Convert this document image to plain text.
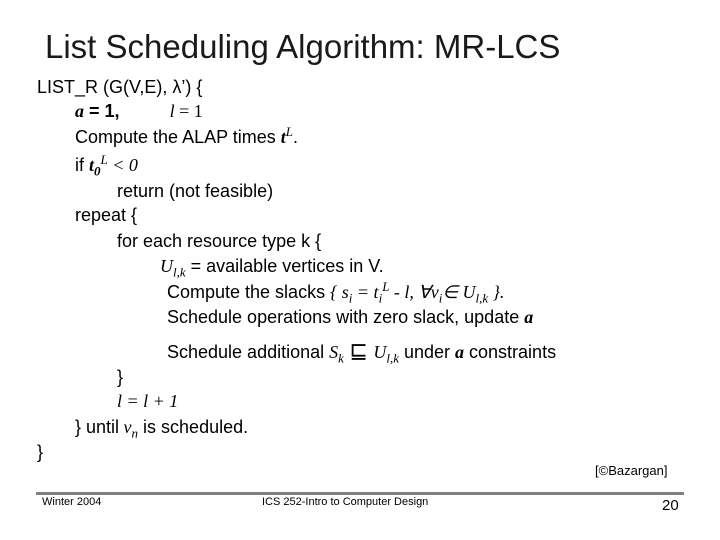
List Scheduling Algorithm: MR-LCS
LIST_R (G(V,E), λ’) {
a = 1,	l = 1
Compute the ALAP times $t^L$.
if $t_0^L < 0$
return (not feasible)
repeat {
for each resource type k {
$U_{l,k}$ = available vertices in V.
Compute the slacks { $s_i = t_i^L - l$, $\forall v_i\in$ $U_{l,k}$ }.
Schedule operations with zero slack, update a
Schedule additional $S_k$ ⊑ $U_{l,k}$ under a constraints
}
l = l + 1
} until $v_n$ is scheduled.
}
[©Bazargan]
Winter 2004	ICS 252-Intro to Computer Design	20
